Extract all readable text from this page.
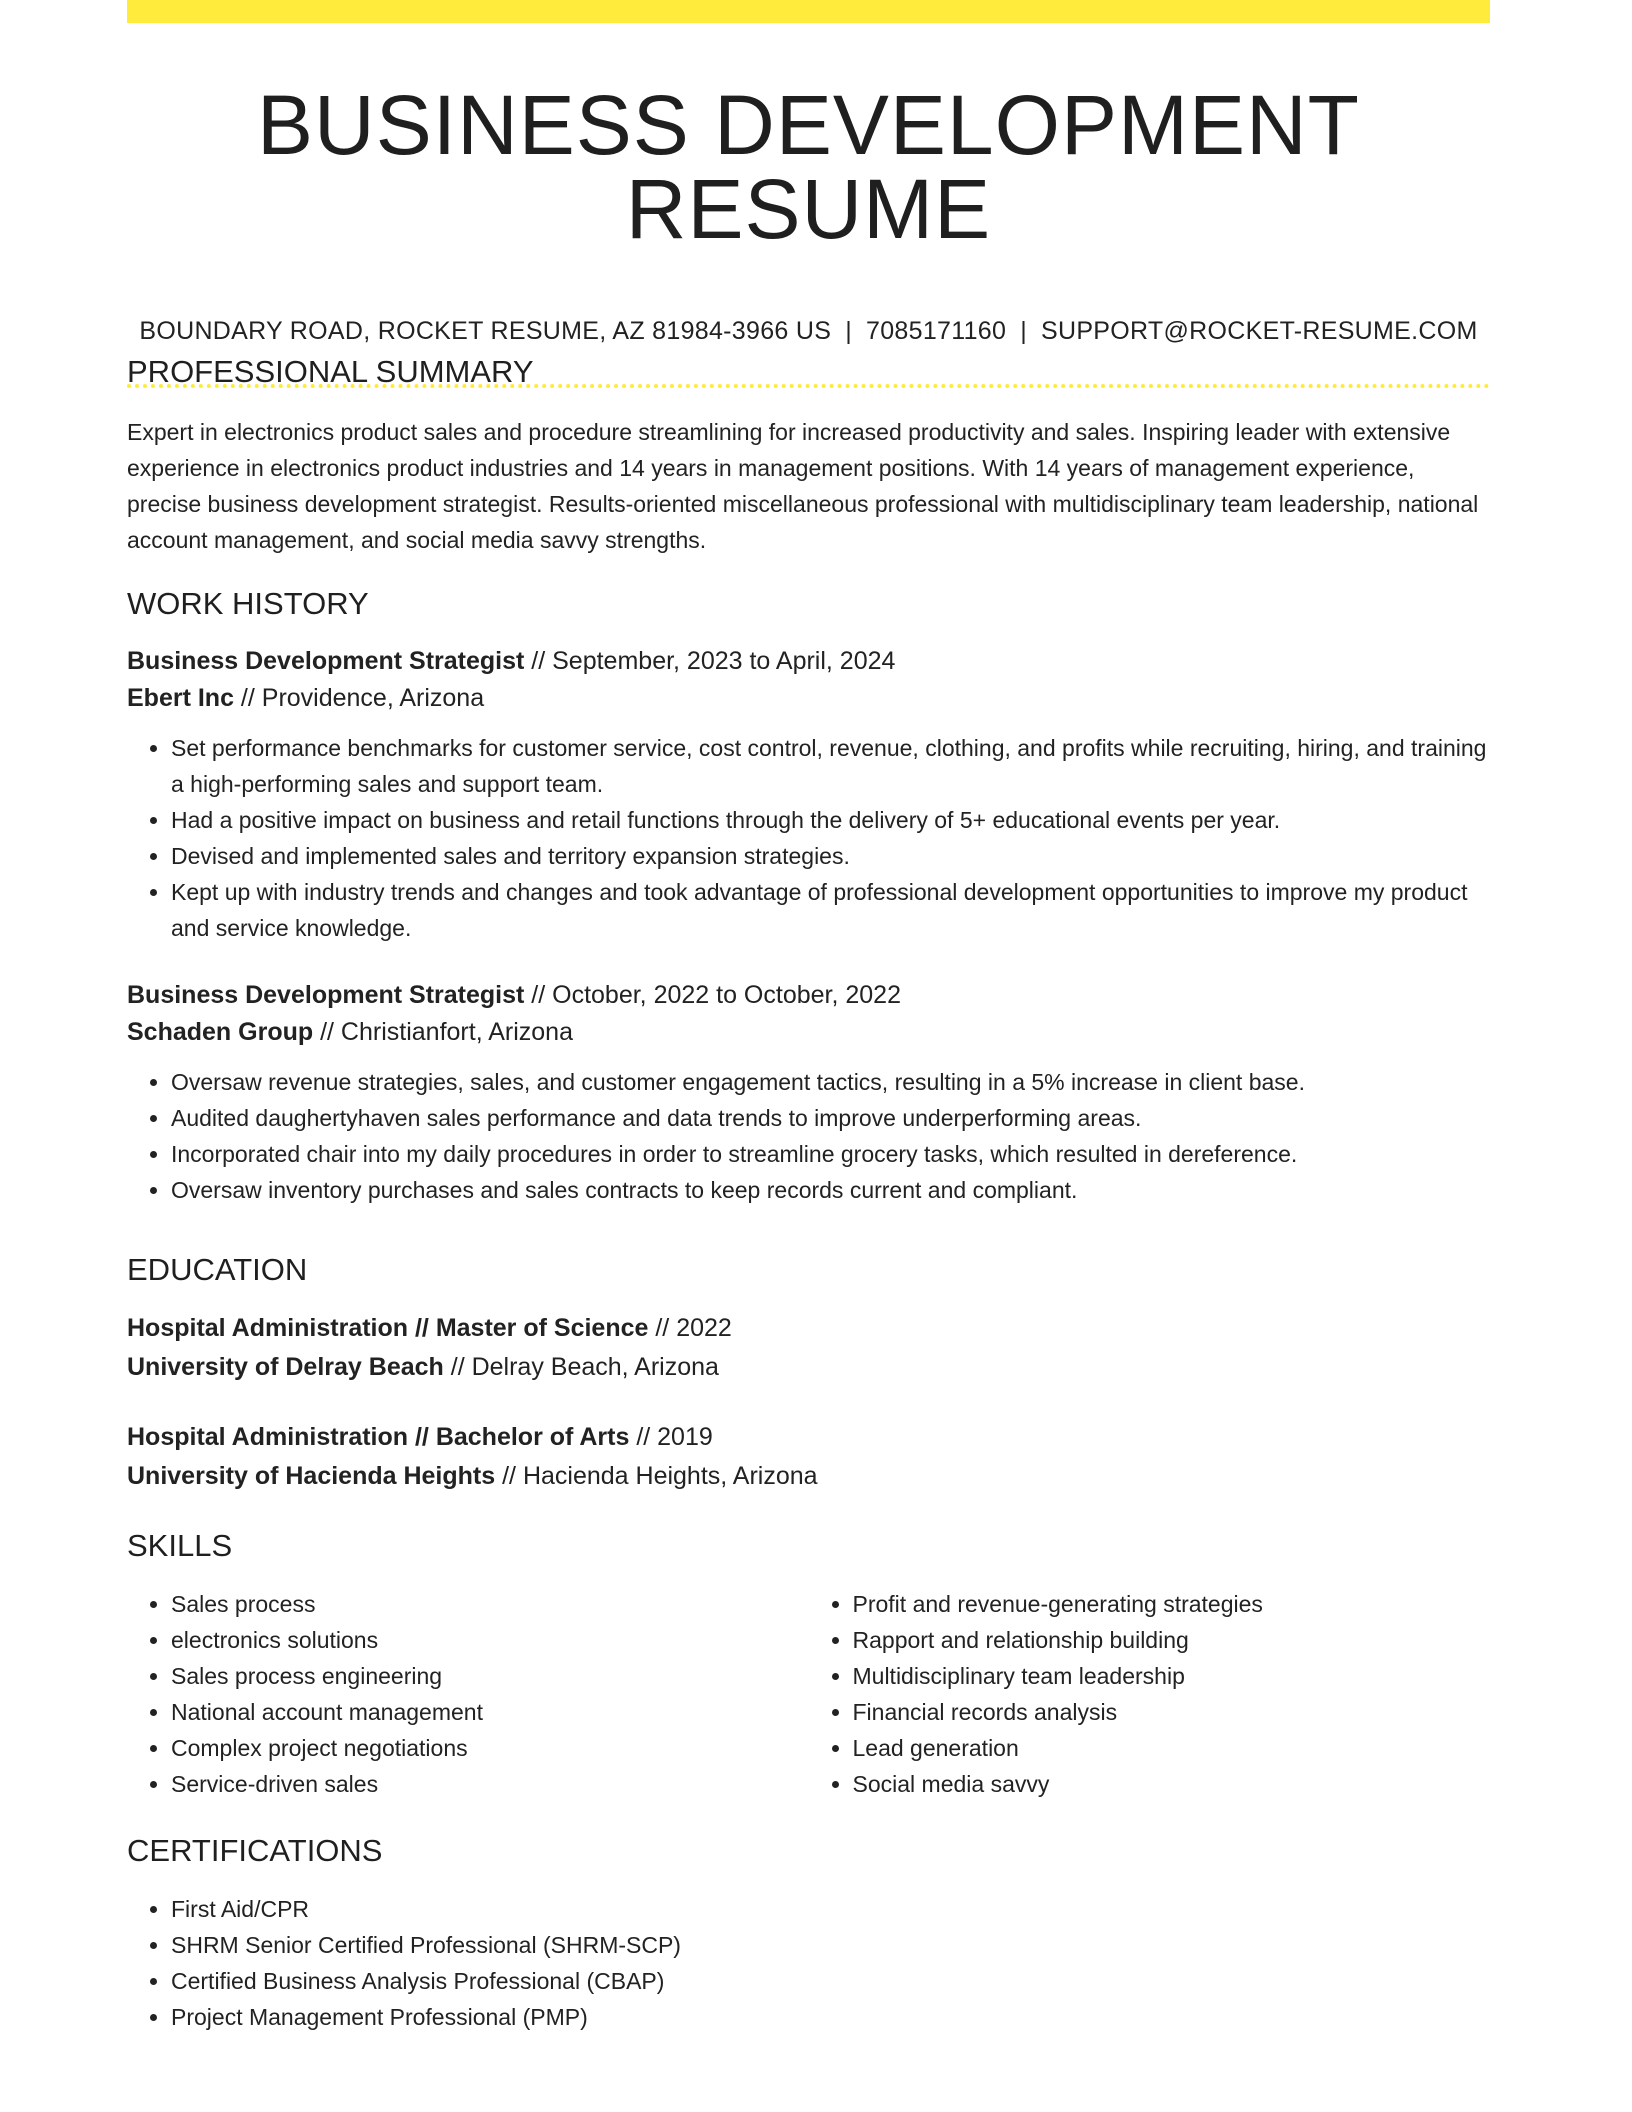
BUSINESS DEVELOPMENT RESUME
BOUNDARY ROAD, ROCKET RESUME, AZ 81984-3966 US | 7085171160 | SUPPORT@ROCKET-RESUME.COM
PROFESSIONAL SUMMARY

Expert in electronics product sales and procedure streamlining for increased productivity and sales. Inspiring leader with extensive experience in electronics product industries and 14 years in management positions. With 14 years of management experience, precise business development strategist. Results-oriented miscellaneous professional with multidisciplinary team leadership, national account management, and social media savvy strengths.

WORK HISTORY
Business Development Strategist // September, 2023 to April, 2024
Ebert Inc // Providence, Arizona
• Set performance benchmarks for customer service, cost control, revenue, clothing, and profits while recruiting, hiring, and training a high-performing sales and support team.
• Had a positive impact on business and retail functions through the delivery of 5+ educational events per year.
• Devised and implemented sales and territory expansion strategies.
• Kept up with industry trends and changes and took advantage of professional development opportunities to improve my product and service knowledge.
Business Development Strategist // October, 2022 to October, 2022
Schaden Group // Christianfort, Arizona
• Oversaw revenue strategies, sales, and customer engagement tactics, resulting in a 5% increase in client base.
• Audited daughertyhaven sales performance and data trends to improve underperforming areas.
• Incorporated chair into my daily procedures in order to streamline grocery tasks, which resulted in dereference.
• Oversaw inventory purchases and sales contracts to keep records current and compliant.
EDUCATION
Hospital Administration // Master of Science // 2022
University of Delray Beach // Delray Beach, Arizona
Hospital Administration // Bachelor of Arts // 2019
University of Hacienda Heights // Hacienda Heights, Arizona
SKILLS
• Sales process
• electronics solutions
• Sales process engineering
• National account management
• Complex project negotiations
• Service-driven sales
• Profit and revenue-generating strategies
• Rapport and relationship building
• Multidisciplinary team leadership
• Financial records analysis
• Lead generation
• Social media savvy
CERTIFICATIONS
• First Aid/CPR
• SHRM Senior Certified Professional (SHRM-SCP)
• Certified Business Analysis Professional (CBAP)
• Project Management Professional (PMP)
